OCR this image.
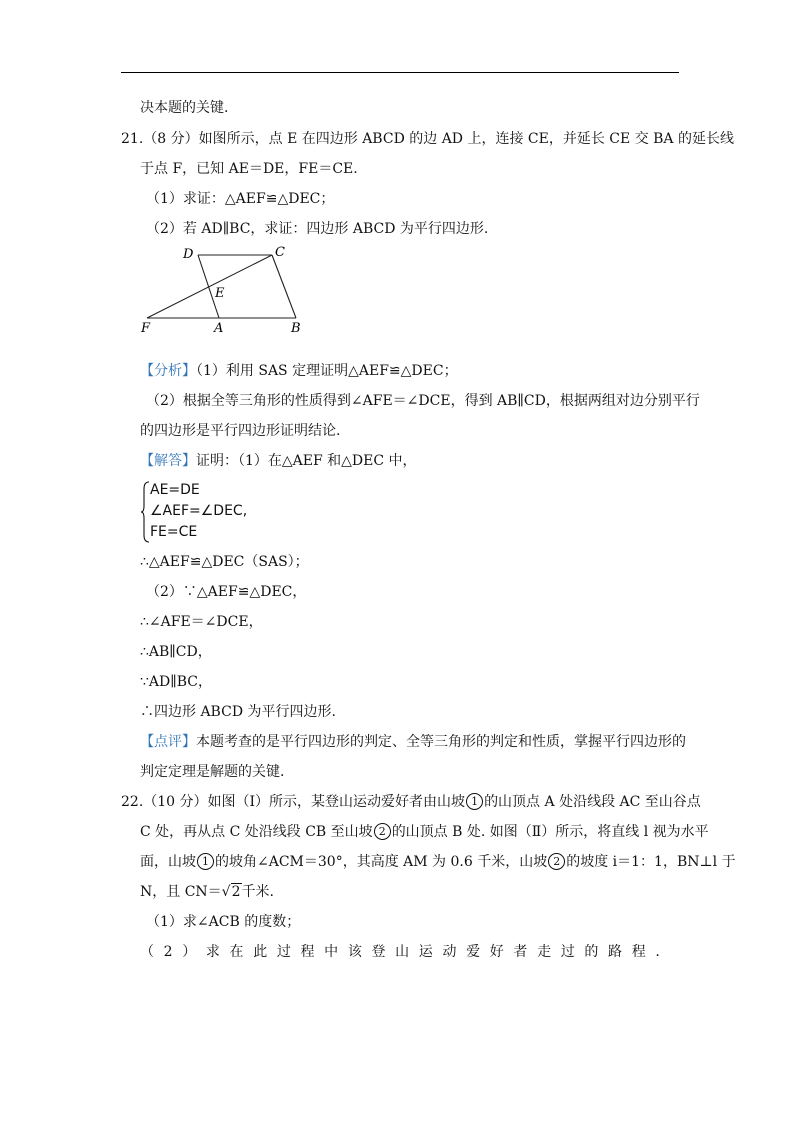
决本题的关键.
21.（8 分）如图所示，点 E 在四边形 ABCD 的边 AD 上，连接 CE，并延长 CE 交 BA 的延长线
于点 F，已知 AE＝DE，FE＝CE.
（1）求证：△AEF≌△DEC；
（2）若 AD∥BC，求证：四边形 ABCD 为平行四边形.
D	C
E
F	A	B
【分析】（1）利用 SAS 定理证明△AEF≌△DEC；
（2）根据全等三角形的性质得到∠AFE＝∠DCE，得到 AB∥CD，根据两组对边分别平行
的四边形是平行四边形证明结论.
【解答】证明：（1）在△AEF 和△DEC 中，
AE=DE
∠AEF=∠DEC,
FE=CE
∴△AEF≌△DEC（SAS）；
（2）∵△AEF≌△DEC，
∴∠AFE＝∠DCE，
∴AB∥CD，
∵AD∥BC，
∴四边形 ABCD 为平行四边形.
【点评】本题考查的是平行四边形的判定、全等三角形的判定和性质，掌握平行四边形的
判定定理是解题的关键.
22.（10 分）如图（Ⅰ）所示，某登山运动爱好者由山坡 1 的山顶点 A 处沿线段 AC 至山谷点
C 处，再从点 C 处沿线段 CB 至山坡 2 的山顶点 B 处. 如图（Ⅱ）所示，将直线 l 视为水平
面，山坡 1 的坡角∠ACM＝30°，其高度 AM 为 0.6 千米，山坡 2 的坡度 i＝1：1，BN⊥l 于
N，且 CN＝√2千米.
（1）求∠ACB 的度数；
（ 2 ） 求 在 此 过 程 中 该 登 山 运 动 爱 好 者 走 过 的 路 程 .
